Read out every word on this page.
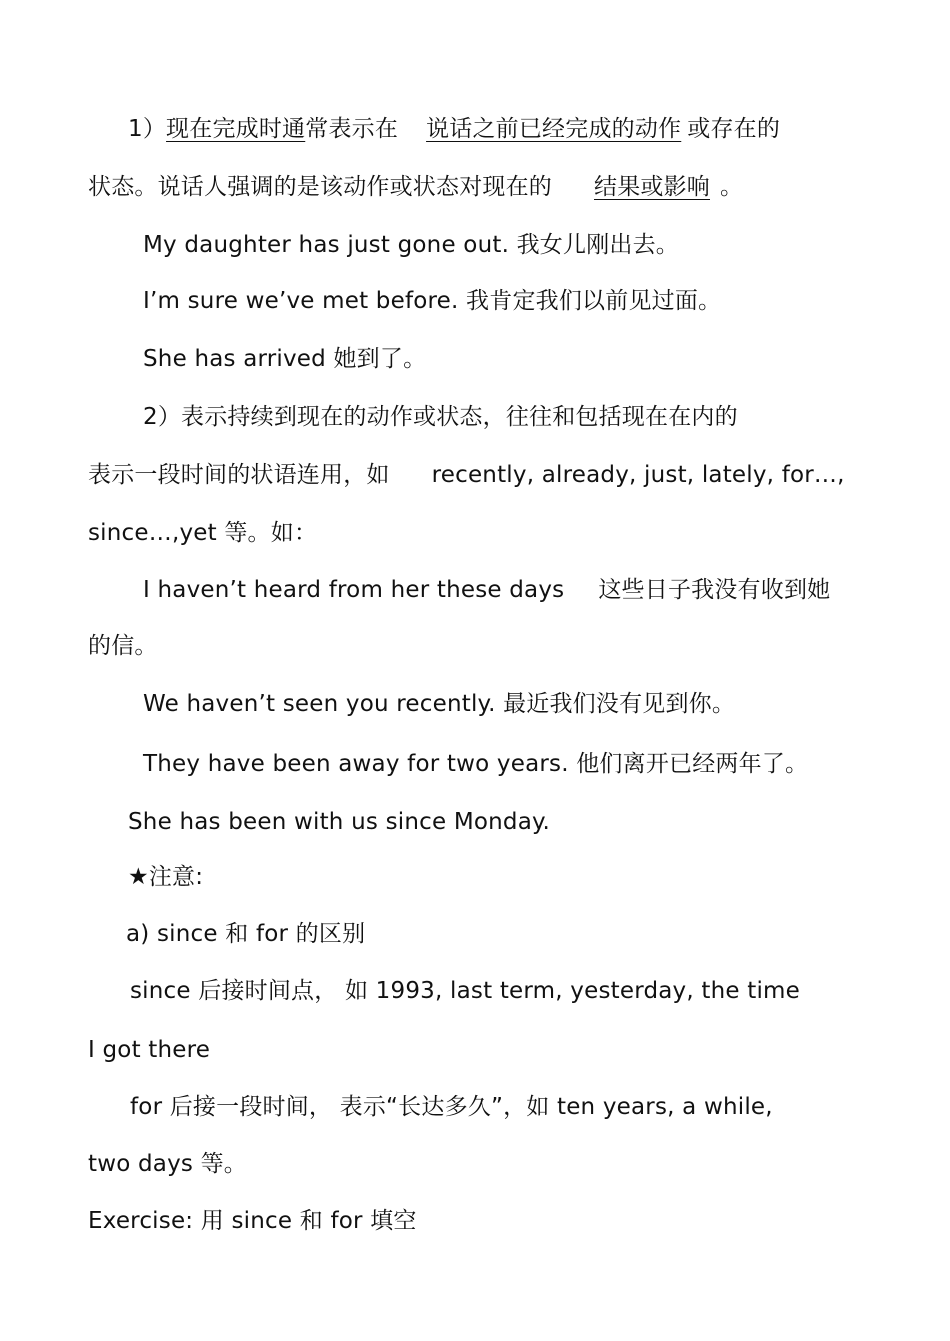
1）现在完成时通常表示在 说话之前已经完成的动作 或存在的
状态。说话人强调的是该动作或状态对现在的 结果或影响 。
My daughter has just gone out. 我女儿刚出去。
I’m sure we’ve met before. 我肯定我们以前见过面。
She has arrived 她到了。
2）表示持续到现在的动作或状态，往往和包括现在在内的
表示一段时间的状语连用，如 recently, already, just, lately, for…,
since…,yet 等。如：
I haven’t heard from her these days 这些日子我没有收到她
的信。
We haven’t seen you recently. 最近我们没有见到你。
They have been away for two years. 他们离开已经两年了。
She has been with us since Monday.
★注意:
a) since 和 for 的区别
since 后接时间点， 如 1993, last term, yesterday, the time
I got there
for 后接一段时间， 表示“长达多久”，如 ten years, a while,
two days 等。
Exercise: 用 since 和 for 填空
